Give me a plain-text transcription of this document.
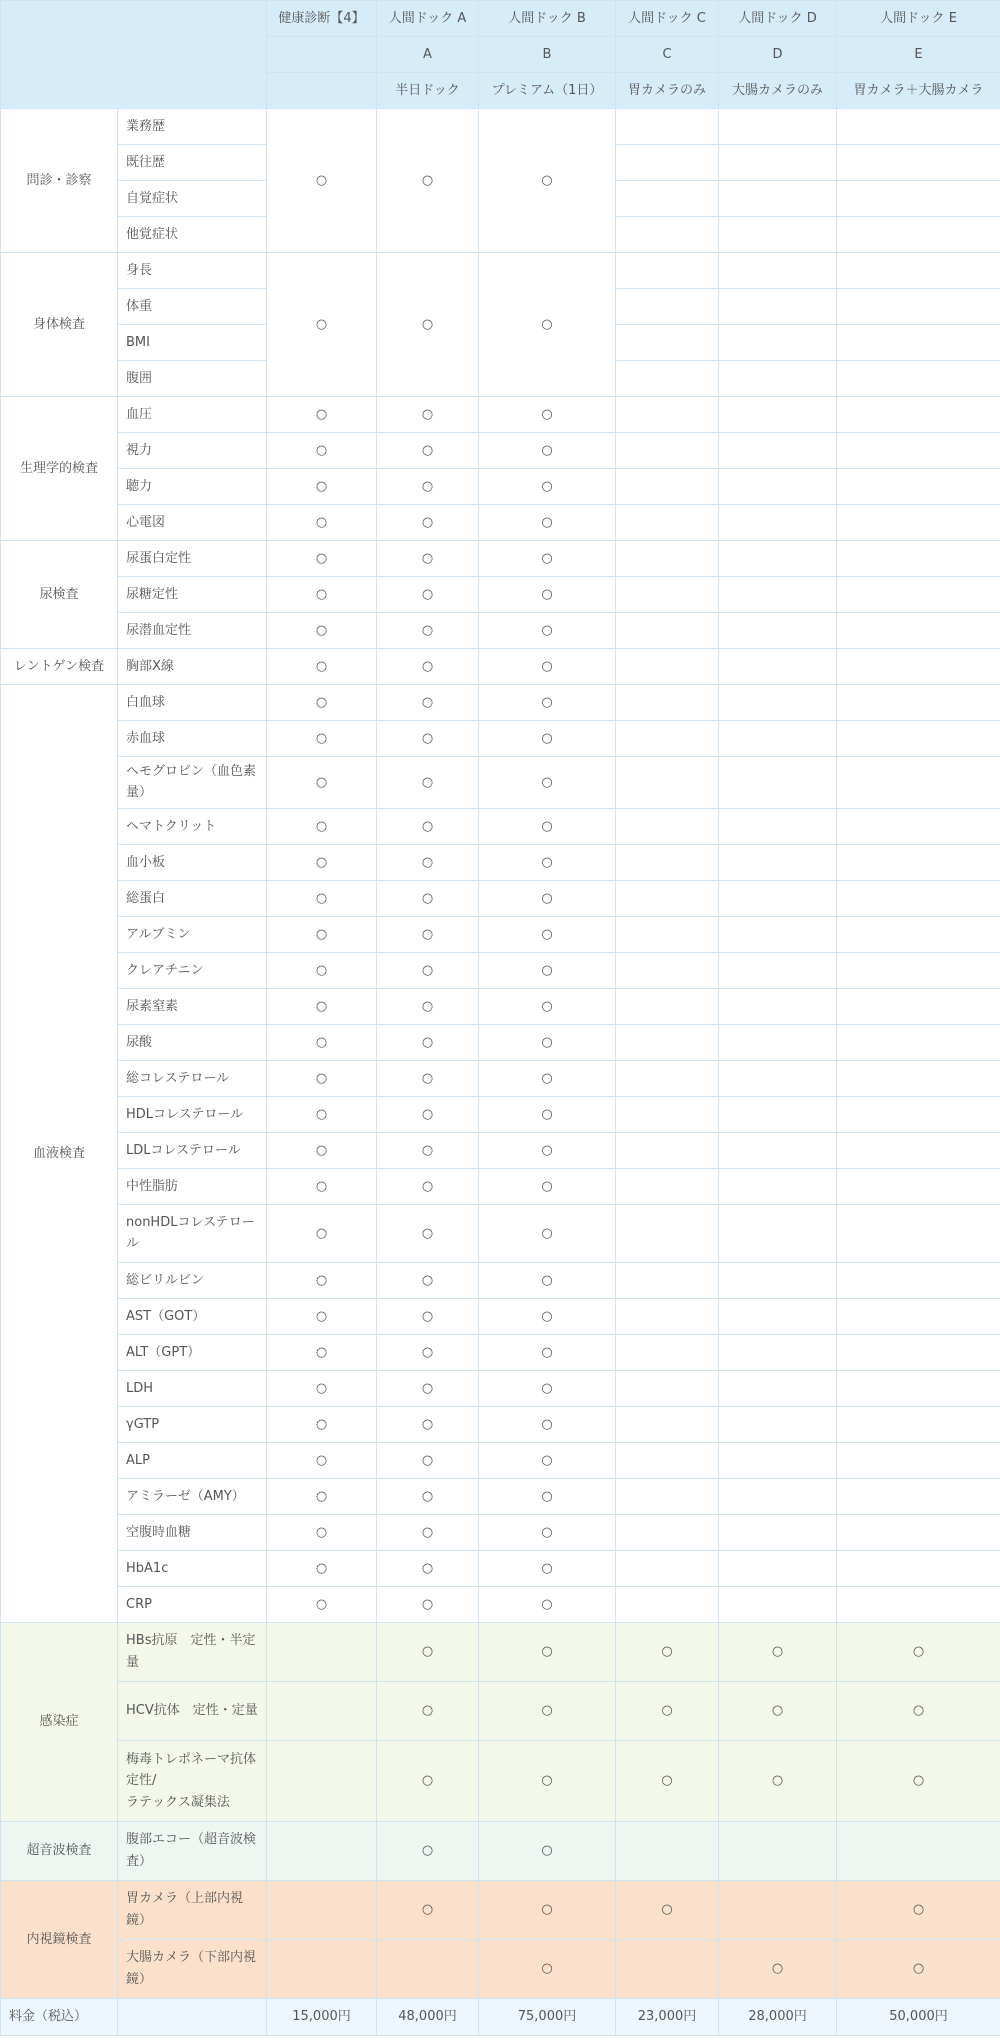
		健康診断【4】	人間ドック A	人間ドック B	人間ドック C	人間ドック D	人間ドック E
			A	B	C	D	E
			半日ドック	プレミアム（1日）	胃カメラのみ	大腸カメラのみ	胃カメラ＋大腸カメラ
問診・診察	業務歴	○	○	○			
	既往歴						
	自覚症状						
	他覚症状						
身体検査	身長	○	○	○			
	体重						
	BMI						
	腹囲						
生理学的検査	血圧	○	○	○			
	視力	○	○	○			
	聴力	○	○	○			
	心電図	○	○	○			
尿検査	尿蛋白定性	○	○	○			
	尿糖定性	○	○	○			
	尿潜血定性	○	○	○			
レントゲン検査	胸部X線	○	○	○			
血液検査	白血球	○	○	○			
	赤血球	○	○	○			
	ヘモグロビン（血色素量）	○	○	○			
	ヘマトクリット	○	○	○			
	血小板	○	○	○			
	総蛋白	○	○	○			
	アルブミン	○	○	○			
	クレアチニン	○	○	○			
	尿素窒素	○	○	○			
	尿酸	○	○	○			
	総コレステロール	○	○	○			
	HDLコレステロール	○	○	○			
	LDLコレステロール	○	○	○			
	中性脂肪	○	○	○			
	nonHDLコレステロール	○	○	○			
	総ビリルビン	○	○	○			
	AST（GOT）	○	○	○			
	ALT（GPT）	○	○	○			
	LDH	○	○	○			
	γGTP	○	○	○			
	ALP	○	○	○			
	アミラーゼ（AMY）	○	○	○			
	空腹時血糖	○	○	○			
	HbA1c	○	○	○			
	CRP	○	○	○			
感染症	HBs抗原　定性・半定量		○	○	○	○	○
	HCV抗体　定性・定量		○	○	○	○	○
	梅毒トレポネーマ抗体定性/
ラテックス凝集法		○	○	○	○	○
超音波検査	腹部エコー（超音波検査）		○	○			
内視鏡検査	胃カメラ（上部内視鏡）		○	○	○		○
	大腸カメラ（下部内視鏡）			○		○	○
料金（税込）		15,000円	48,000円	75,000円	23,000円	28,000円	50,000円
